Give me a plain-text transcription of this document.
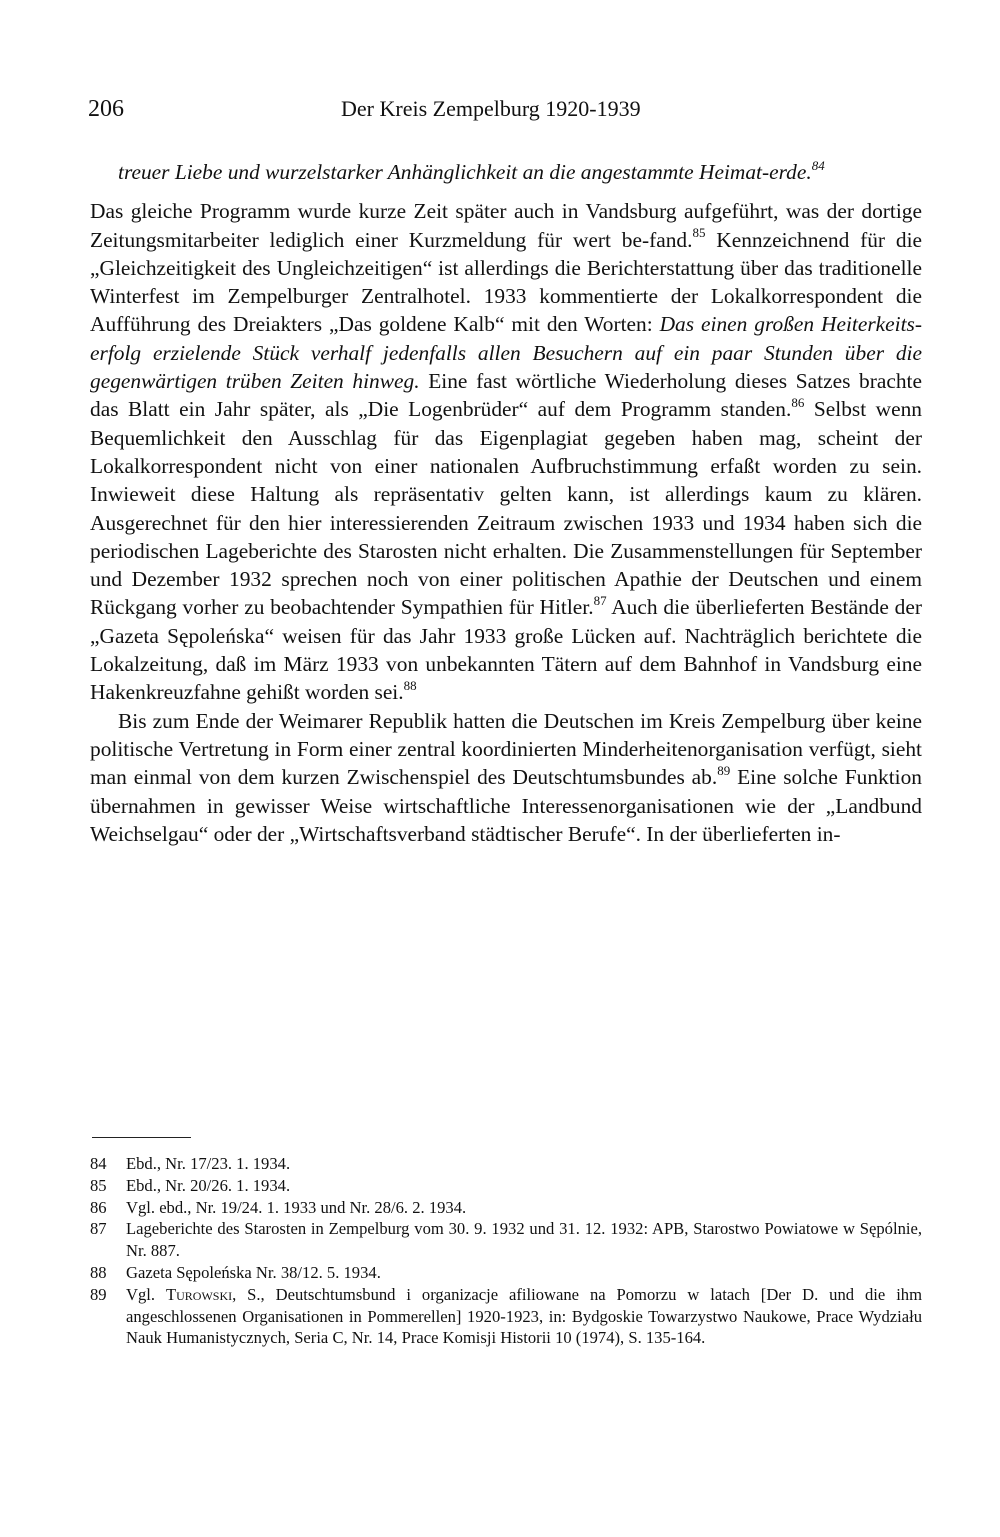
206	Der Kreis Zempelburg 1920-1939

treuer Liebe und wurzelstarker Anhänglichkeit an die angestammte Heimat-erde.$^{84}$

Das gleiche Programm wurde kurze Zeit später auch in Vandsburg aufgeführt, was der dortige Zeitungsmitarbeiter lediglich einer Kurzmeldung für wert be-fand.$^{85}$ Kennzeichnend für die „Gleichzeitigkeit des Ungleichzeitigen“ ist allerdings die Berichterstattung über das traditionelle Winterfest im Zempelburger Zentralhotel. 1933 kommentierte der Lokalkorrespondent die Aufführung des Dreiakters „Das goldene Kalb“ mit den Worten: Das einen großen Heiterkeits-erfolg erzielende Stück verhalf jedenfalls allen Besuchern auf ein paar Stunden über die gegenwärtigen trüben Zeiten hinweg. Eine fast wörtliche Wiederholung dieses Satzes brachte das Blatt ein Jahr später, als „Die Logenbrüder“ auf dem Programm standen.$^{86}$ Selbst wenn Bequemlichkeit den Ausschlag für das Eigenplagiat gegeben haben mag, scheint der Lokalkorrespondent nicht von einer nationalen Aufbruchstimmung erfaßt worden zu sein. Inwieweit diese Haltung als repräsentativ gelten kann, ist allerdings kaum zu klären. Ausgerechnet für den hier interessierenden Zeitraum zwischen 1933 und 1934 haben sich die periodischen Lageberichte des Starosten nicht erhalten. Die Zusammenstellungen für September und Dezember 1932 sprechen noch von einer politischen Apathie der Deutschen und einem Rückgang vorher zu beobachtender Sympathien für Hitler.$^{87}$ Auch die überlieferten Bestände der „Gazeta Sępoleńska“ weisen für das Jahr 1933 große Lücken auf. Nachträglich berichtete die Lokalzeitung, daß im März 1933 von unbekannten Tätern auf dem Bahnhof in Vandsburg eine Hakenkreuzfahne gehißt worden sei.$^{88}$

Bis zum Ende der Weimarer Republik hatten die Deutschen im Kreis Zempelburg über keine politische Vertretung in Form einer zentral koordinierten Minderheitenorganisation verfügt, sieht man einmal von dem kurzen Zwischenspiel des Deutschtumsbundes ab.$^{89}$ Eine solche Funktion übernahmen in gewisser Weise wirtschaftliche Interessenorganisationen wie der „Landbund Weichselgau“ oder der „Wirtschaftsverband städtischer Berufe“. In der überlieferten in-

84 Ebd., Nr. 17/23. 1. 1934.
85 Ebd., Nr. 20/26. 1. 1934.
86 Vgl. ebd., Nr. 19/24. 1. 1933 und Nr. 28/6. 2. 1934.
87 Lageberichte des Starosten in Zempelburg vom 30. 9. 1932 und 31. 12. 1932: APB, Starostwo Powiatowe w Sępólnie, Nr. 887.
88 Gazeta Sępoleńska Nr. 38/12. 5. 1934.
89 Vgl. Turowski, S., Deutschtumsbund i organizacje afiliowane na Pomorzu w latach [Der D. und die ihm angeschlossenen Organisationen in Pommerellen] 1920-1923, in: Bydgoskie Towarzystwo Naukowe, Prace Wydziału Nauk Humanistycznych, Seria C, Nr. 14, Prace Komisji Historii 10 (1974), S. 135-164.
